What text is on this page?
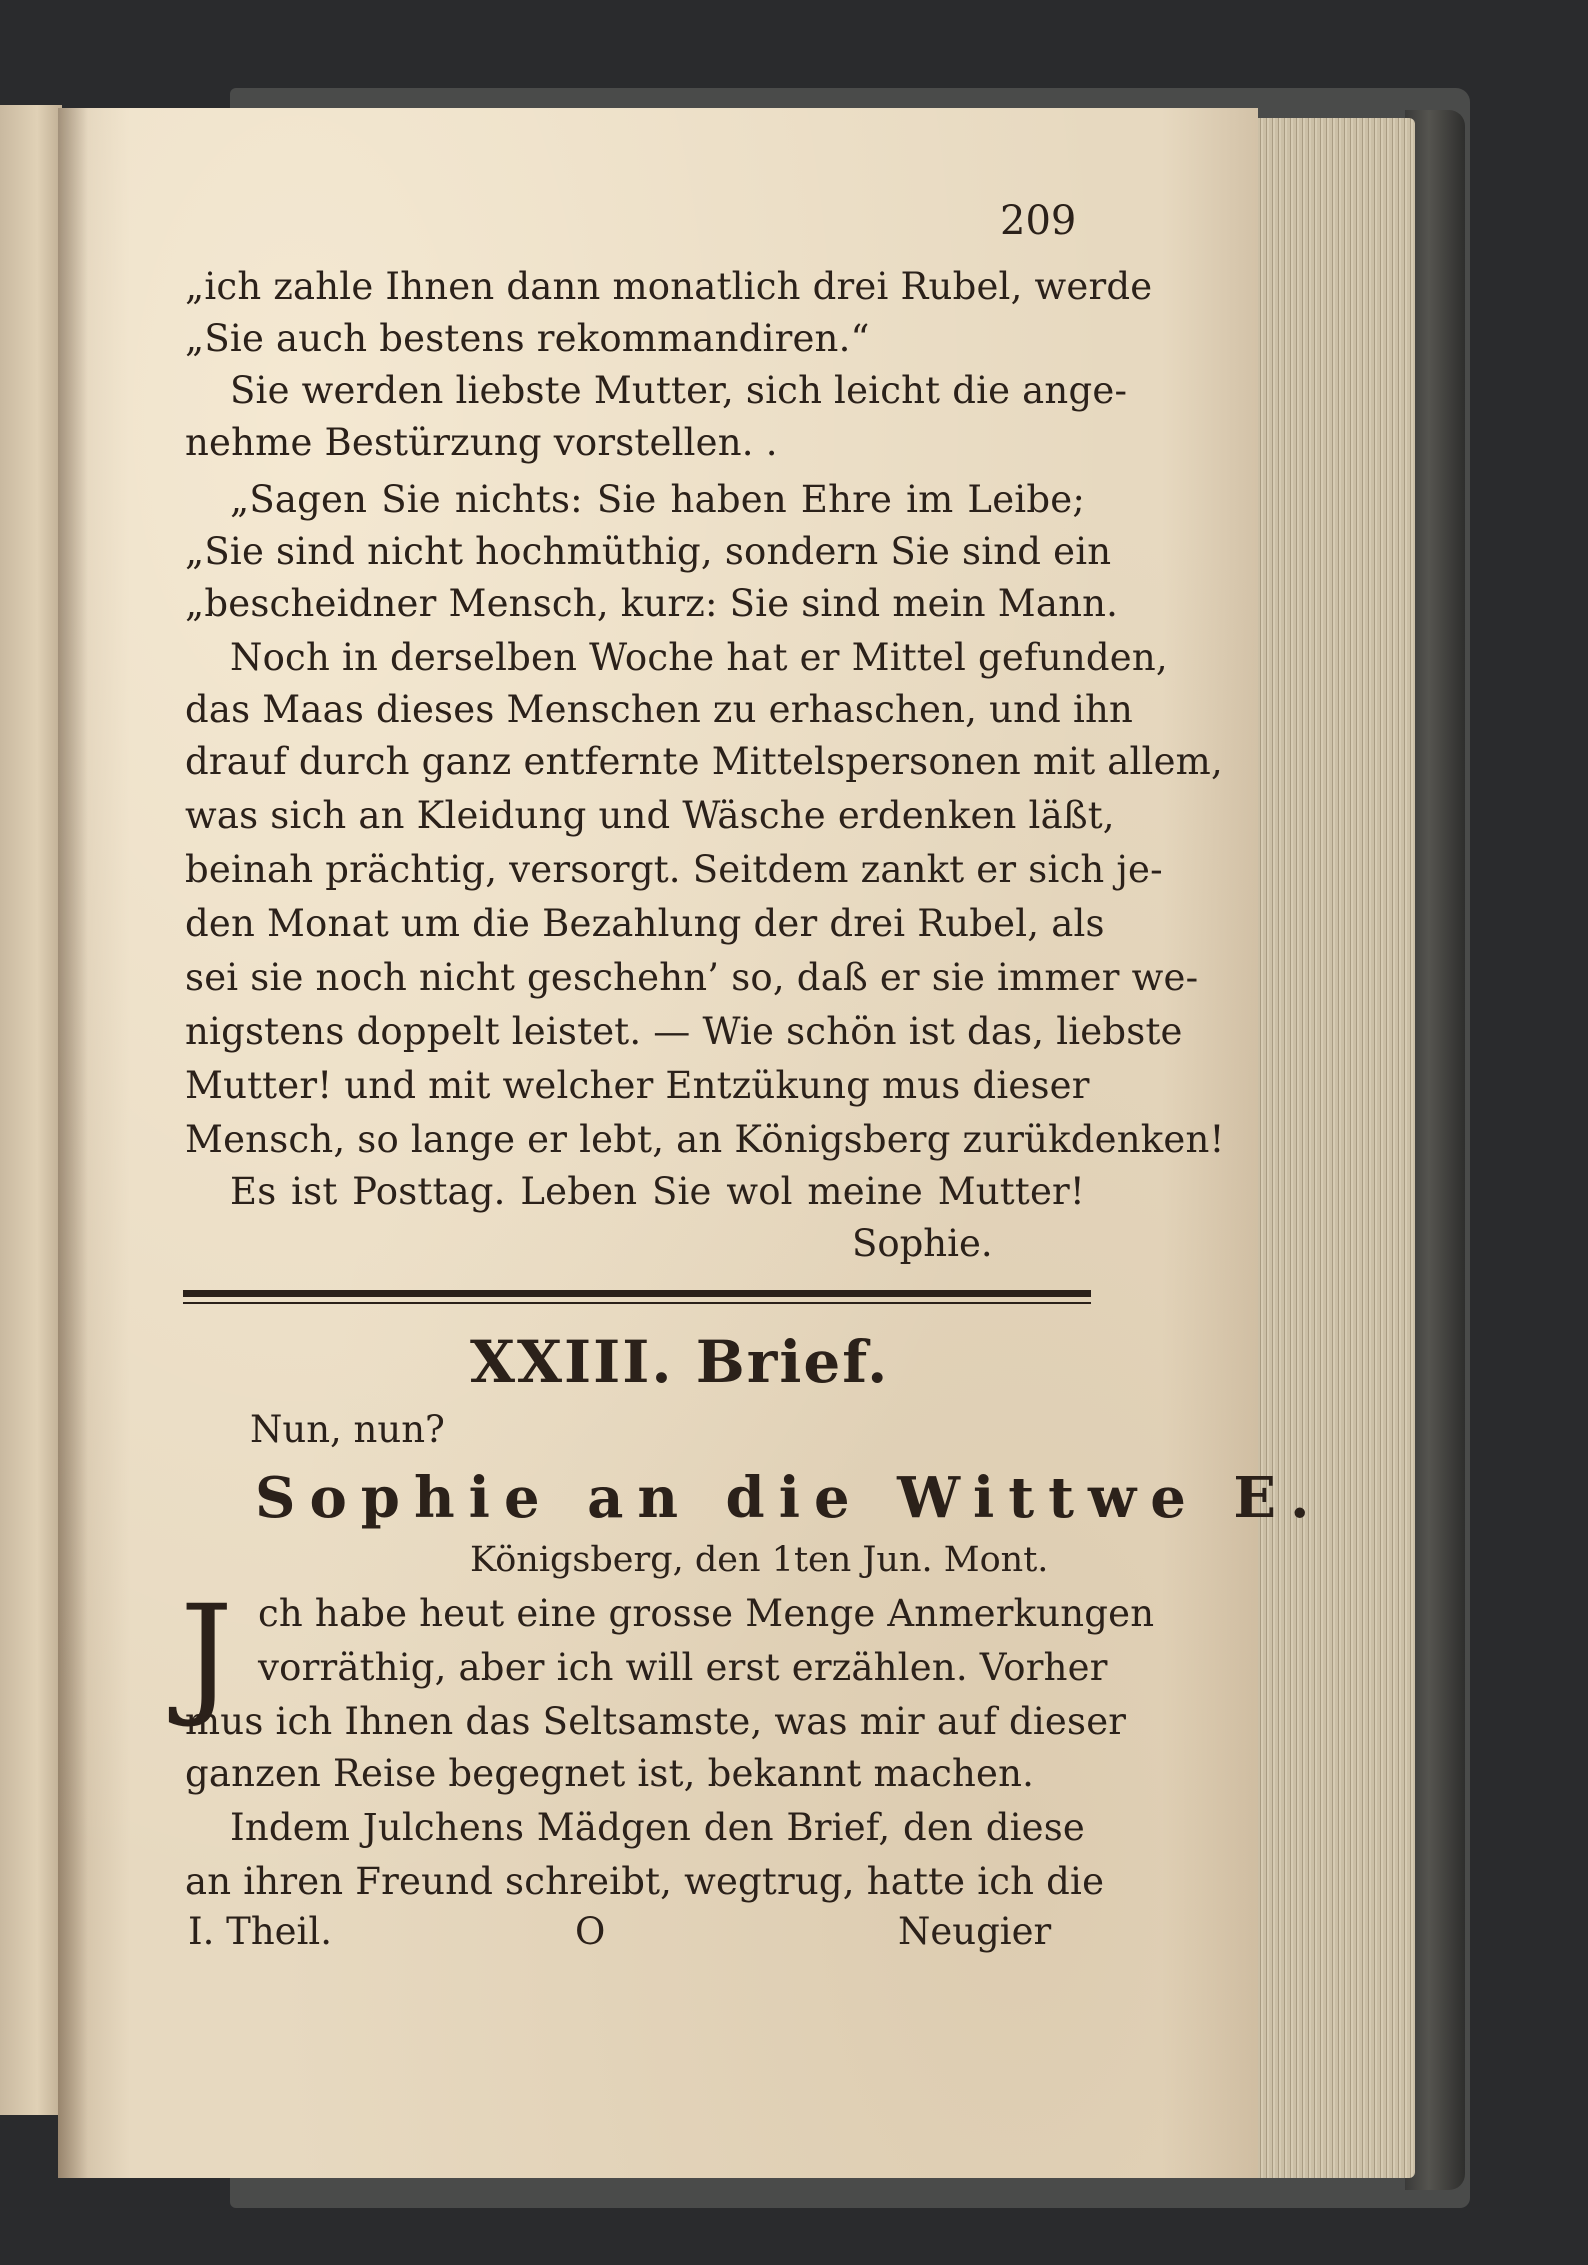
209
„ich zahle Ihnen dann monatlich drei Rubel, werde
„Sie auch bestens rekommandiren.“
Sie werden liebste Mutter, sich leicht die ange-
nehme Bestürzung vorstellen. .
„Sagen Sie nichts: Sie haben Ehre im Leibe;
„Sie sind nicht hochmüthig, sondern Sie sind ein
„bescheidner Mensch, kurz: Sie sind mein Mann.
Noch in derselben Woche hat er Mittel gefunden,
das Maas dieses Menschen zu erhaschen, und ihn
drauf durch ganz entfernte Mittelspersonen mit allem,
was sich an Kleidung und Wäsche erdenken läßt,
beinah prächtig, versorgt. Seitdem zankt er sich je-
den Monat um die Bezahlung der drei Rubel, als
sei sie noch nicht geschehn’ so, daß er sie immer we-
nigstens doppelt leistet. — Wie schön ist das, liebste
Mutter! und mit welcher Entzükung mus dieser
Mensch, so lange er lebt, an Königsberg zurükdenken!
Es ist Posttag. Leben Sie wol meine Mutter!
Sophie.
XXIII. Brief.
Nun, nun?
Sophie an die Wittwe E.
Königsberg, den 1ten Jun. Mont.
J ch habe heut eine grosse Menge Anmerkungen
vorräthig, aber ich will erst erzählen. Vorher
mus ich Ihnen das Seltsamste, was mir auf dieser
ganzen Reise begegnet ist, bekannt machen.
Indem Julchens Mädgen den Brief, den diese
an ihren Freund schreibt, wegtrug, hatte ich die
I. Theil.	O	Neugier
